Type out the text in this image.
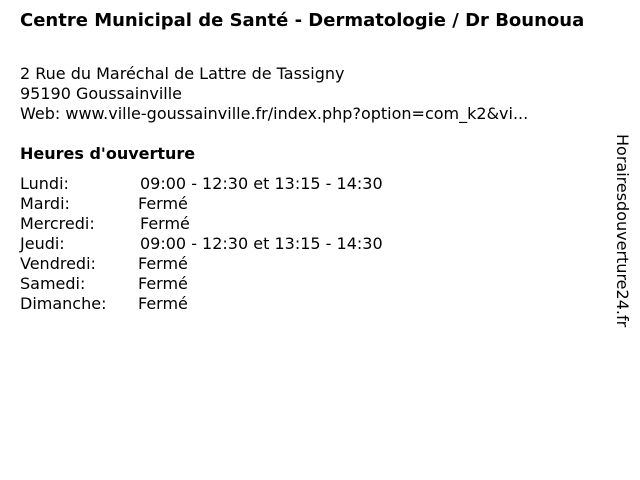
Centre Municipal de Santé - Dermatologie / Dr Bounoua
2 Rue du Maréchal de Lattre de Tassigny
95190 Goussainville
Web: www.ville-goussainville.fr/index.php?option=com_k2&vi...
Heures d'ouverture
Lundi:	09:00 - 12:30 et 13:15 - 14:30
Mardi:	Fermé
Mercredi:	Fermé
Jeudi:	09:00 - 12:30 et 13:15 - 14:30
Vendredi:	Fermé
Samedi:	Fermé
Dimanche: Fermé	Horairesdouverture24.fr
